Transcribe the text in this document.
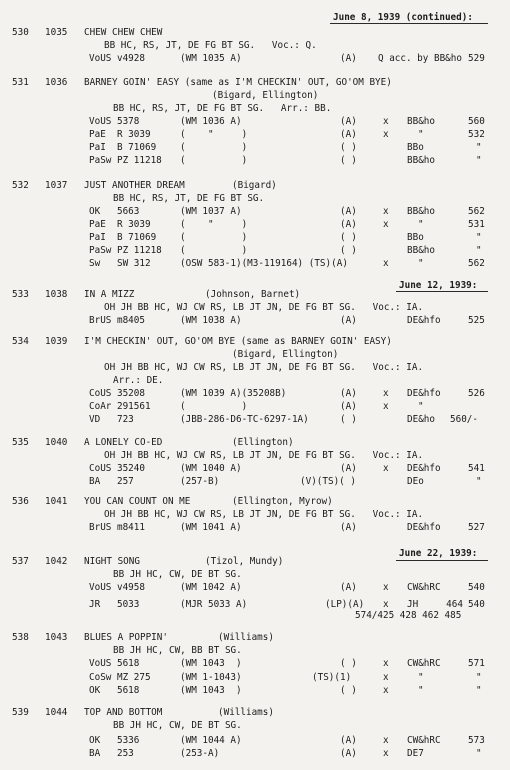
June 8, 1939 (continued):
530 1035 CHEW CHEW CHEW
BB HC, RS, JT, DE FG BT SG.   Voc.: Q.
VoUS v4928	(WM 1035 A)	(A) Q acc. by BB&ho 529
531 1036 BARNEY GOIN' EASY (same as I'M CHECKIN' OUT, GO'OM BYE)
(Bigard, Ellington)
BB HC, RS, JT, DE FG BT SG.   Arr.: BB.
VoUS 5378	(WM 1036 A)	(A)	x BB&ho	560
PaE  R 3039	(    "     )	(A)	x	"	532
PaI  B 71069	(          )	( )	BBo	"
PaSw PZ 11218 (          )	( )	BB&ho	"
532 1037 JUST ANOTHER DREAM	(Bigard)
BB HC, RS, JT, DE FG BT SG.
OK   5663	(WM 1037 A)	(A)	x BB&ho	562
PaE  R 3039	(    "     )	(A)	x	"	531
PaI  B 71069	(          )	( )	BBo	"
PaSw PZ 11218 (          )	( )	BB&ho	"
Sw   SW 312	(OSW 583-1)(M3-119164) (TS)(A)	x	"	562
June 12, 1939:
533 1038 IN A MIZZ	(Johnson, Barnet)
OH JH BB HC, WJ CW RS, LB JT JN, DE FG BT SG.   Voc.: IA.
BrUS m8405	(WM 1038 A)	(A)	DE&hfo	525
534 1039 I'M CHECKIN' OUT, GO'OM BYE (same as BARNEY GOIN' EASY)
(Bigard, Ellington)
OH JH BB HC, WJ CW RS, LB JT JN, DE FG BT SG.   Voc.: IA.
Arr.: DE.
CoUS 35208	(WM 1039 A)(35208B)	(A)	x DE&hfo	526
CoAr 291561	(          )	(A)	x	"
VD   723	(JBB-286-D6-TC-6297-1A)	( )	DE&ho 560/-
535 1040 A LONELY CO-ED	(Ellington)
OH JH BB HC, WJ CW RS, LB JT JN, DE FG BT SG.   Voc.: IA.
CoUS 35240	(WM 1040 A)	(A)	x DE&hfo	541
BA   257	(257-B)	(V)(TS)( )	DEo	"
536 1041 YOU CAN COUNT ON ME	(Ellington, Myrow)
OH JH BB HC, WJ CW RS, LB JT JN, DE FG BT SG.   Voc.: IA.
BrUS m8411	(WM 1041 A)	(A)	DE&hfo	527
June 22, 1939:
537 1042 NIGHT SONG	(Tizol, Mundy)
BB JH HC, CW, DE BT SG.
VoUS v4958	(WM 1042 A)	(A)	x CW&hRC	540
JR   5033	(MJR 5033 A)	(LP)(A) x JH     464 540
574/425 428 462 485
538 1043 BLUES A POPPIN'	(Williams)
BB JH HC, CW, BB BT SG.
VoUS 5618	(WM 1043  )	( )	x CW&hRC	571
CoSw MZ 275	(WM 1-1043)	(TS)(1)	x	"	"
OK   5618	(WM 1043  )	( )	x	"	"
539 1044 TOP AND BOTTOM	(Williams)
BB JH HC, CW, DE BT SG.
OK   5336	(WM 1044 A)	(A)	x CW&hRC	573
BA   253	(253-A)	(A)	x DE7	"
